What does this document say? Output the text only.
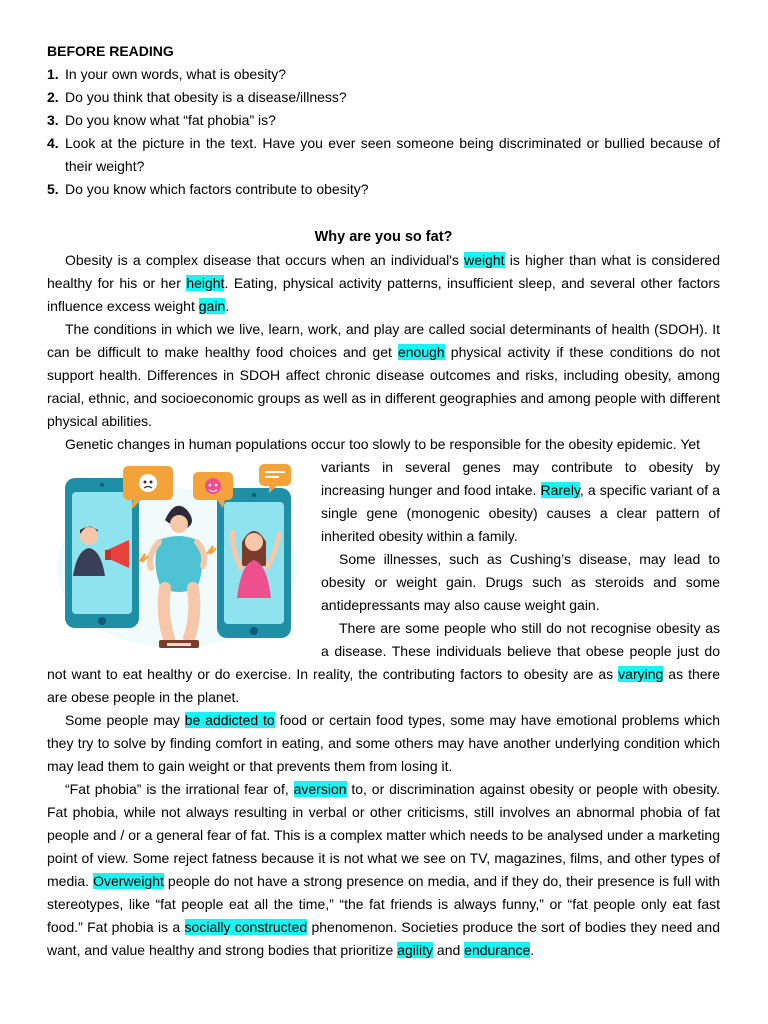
BEFORE READING

1. In your own words, what is obesity?
2. Do you think that obesity is a disease/illness?
3. Do you know what “fat phobia” is?
4. Look at the picture in the text. Have you ever seen someone being discriminated or bullied because of their weight?
5. Do you know which factors contribute to obesity?

Why are you so fat?

Obesity is a complex disease that occurs when an individual's weight is higher than what is considered healthy for his or her height. Eating, physical activity patterns, insufficient sleep, and several other factors influence excess weight gain.

The conditions in which we live, learn, work, and play are called social determinants of health (SDOH). It can be difficult to make healthy food choices and get enough physical activity if these conditions do not support health. Differences in SDOH affect chronic disease outcomes and risks, including obesity, among racial, ethnic, and socioeconomic groups as well as in different geographies and among people with different physical abilities.

Genetic changes in human populations occur too slowly to be responsible for the obesity epidemic. Yet

variants in several genes may contribute to obesity by increasing hunger and food intake. Rarely, a specific variant of a single gene (monogenic obesity) causes a clear pattern of inherited obesity within a family.

Some illnesses, such as Cushing’s disease, may lead to obesity or weight gain. Drugs such as steroids and some antidepressants may also cause weight gain.

There are some people who still do not recognise obesity as a disease. These individuals believe that obese people just do not want to eat healthy or do exercise. In reality, the contributing factors to obesity are as varying as there are obese people in the planet.

Some people may be addicted to food or certain food types, some may have emotional problems which they try to solve by finding comfort in eating, and some others may have another underlying condition which may lead them to gain weight or that prevents them from losing it.

“Fat phobia” is the irrational fear of, aversion to, or discrimination against obesity or people with obesity. Fat phobia, while not always resulting in verbal or other criticisms, still involves an abnormal phobia of fat people and / or a general fear of fat. This is a complex matter which needs to be analysed under a marketing point of view. Some reject fatness because it is not what we see on TV, magazines, films, and other types of media. Overweight people do not have a strong presence on media, and if they do, their presence is full with stereotypes, like “fat people eat all the time,” “the fat friends is always funny,” or “fat people only eat fast food.” Fat phobia is a socially constructed phenomenon. Societies produce the sort of bodies they need and want, and value healthy and strong bodies that prioritize agility and endurance.
